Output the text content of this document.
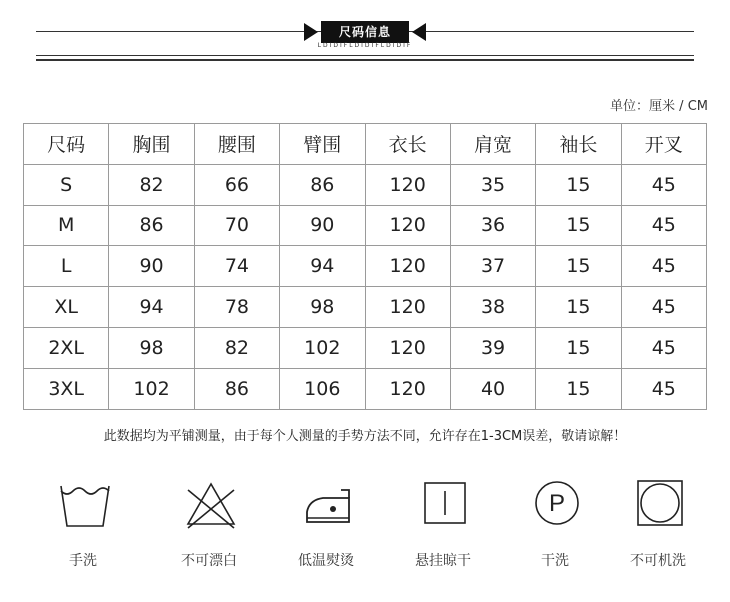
尺码信息
LDIDIFLDIDIFLDIDIF
单位：厘米 / CM
尺码	胸围	腰围	臂围	衣长	肩宽	袖长	开叉
S	82	66	86	120	35	15	45
M	86	70	90	120	36	15	45
L	90	74	94	120	37	15	45
XL	94	78	98	120	38	15	45
2XL	98	82	102	120	39	15	45
3XL	102	86	106	120	40	15	45
此数据均为平铺测量，由于每个人测量的手势方法不同，允许存在1-3CM误差，敬请谅解！
手洗	不可漂白	低温熨烫	悬挂晾干
P
干洗	不可机洗
